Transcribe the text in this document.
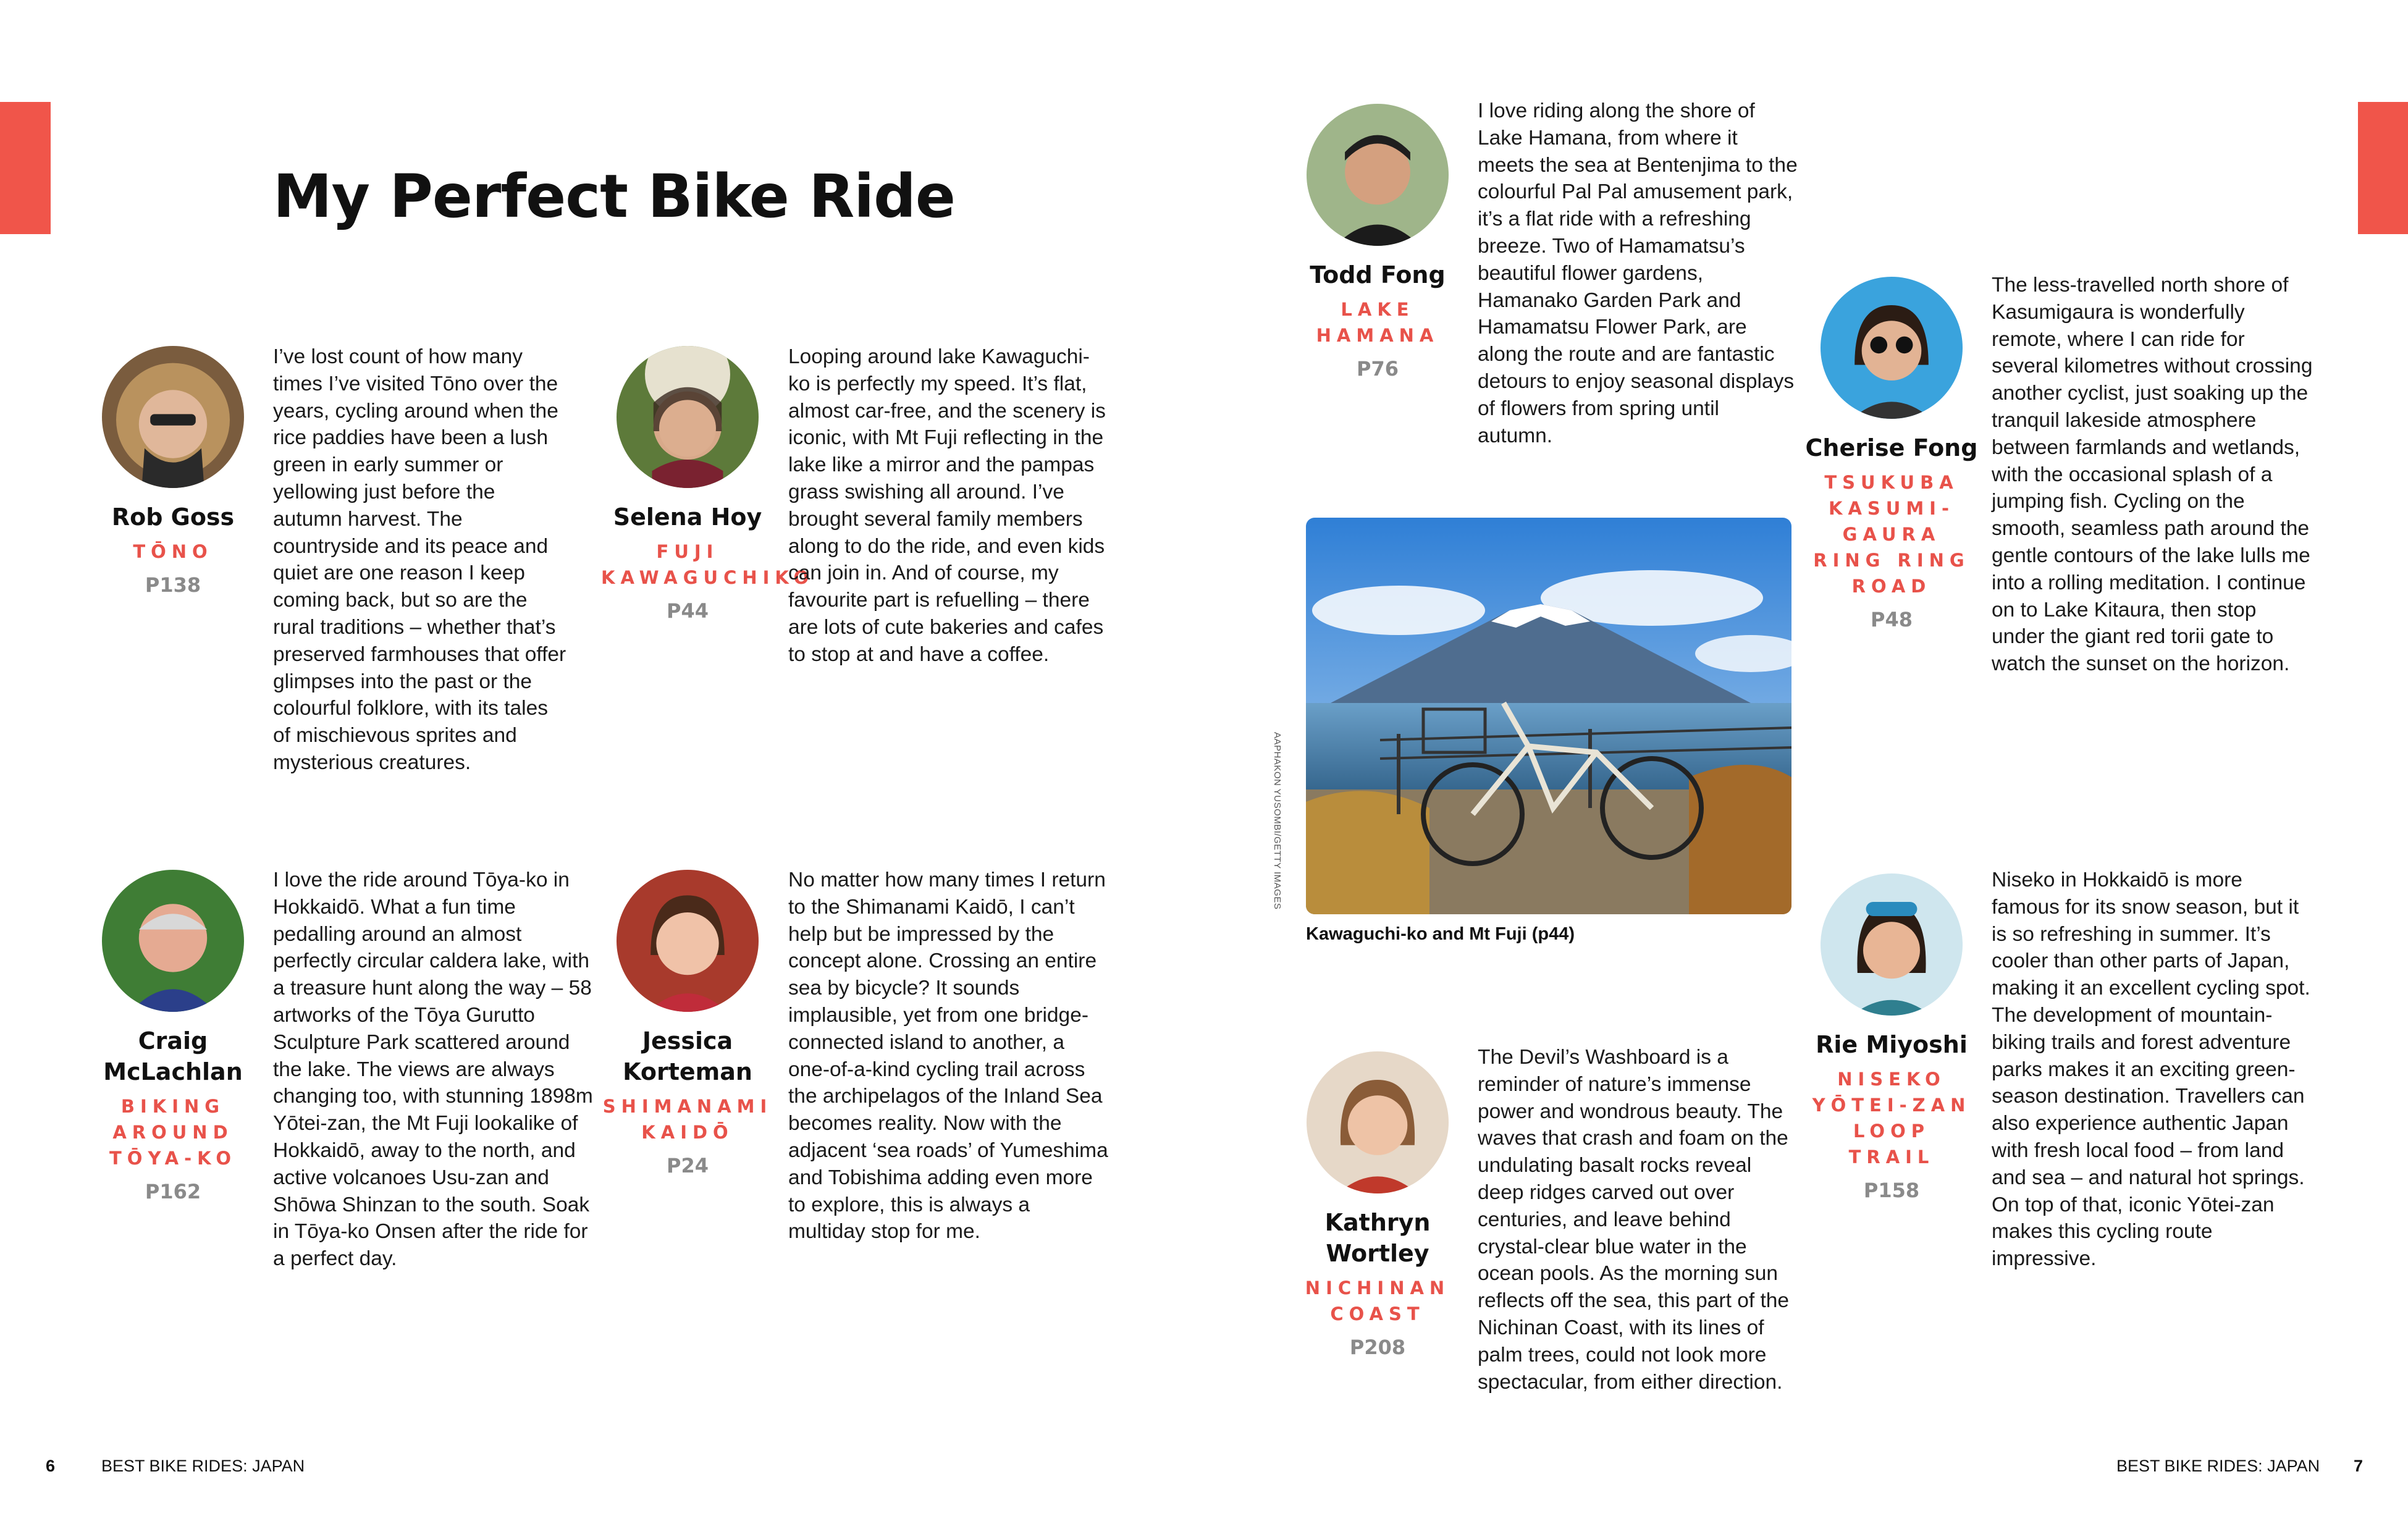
My Perfect Bike Ride
Rob Goss
TŌNO
P138

I’ve lost count of how many times I’ve visited Tōno over the years, cycling around when the rice paddies have been a lush green in early summer or yellowing just before the autumn harvest. The countryside and its peace and quiet are one reason I keep coming back, but so are the rural traditions – whether that’s preserved farmhouses that offer glimpses into the past or the colourful folklore, with its tales of mischievous sprites and mysterious creatures.

Selena Hoy
FUJI KAWAGUCHIKO
P44

Looping around lake Kawaguchi-ko is perfectly my speed. It’s flat, almost car-free, and the scenery is iconic, with Mt Fuji reflecting in the lake like a mirror and the pampas grass swishing all around. I’ve brought several family members along to do the ride, and even kids can join in. And of course, my favourite part is refuelling – there are lots of cute bakeries and cafes to stop at and have a coffee.

Craig McLachlan
BIKING AROUND TŌYA-KO
P162

I love the ride around Tōya-ko in Hokkaidō. What a fun time pedalling around an almost perfectly circular caldera lake, with a treasure hunt along the way – 58 artworks of the Tōya Gurutto Sculpture Park scattered around the lake. The views are always changing too, with stunning 1898m Yōtei-zan, the Mt Fuji lookalike of Hokkaidō, away to the north, and active volcanoes Usu-zan and Shōwa Shinzan to the south. Soak in Tōya-ko Onsen after the ride for a perfect day.

Jessica Korteman
SHIMANAMI KAIDŌ
P24

No matter how many times I return to the Shimanami Kaidō, I can’t help but be impressed by the concept alone. Crossing an entire sea by bicycle? It sounds implausible, yet from one bridge-connected island to another, a one-of-a-kind cycling trail across the archipelagos of the Inland Sea becomes reality. Now with the adjacent ‘sea roads’ of Yumeshima and Tobishima adding even more to explore, this is always a multiday stop for me.

Todd Fong
LAKE HAMANA
P76

I love riding along the shore of Lake Hamana, from where it meets the sea at Bentenjima to the colourful Pal Pal amusement park, it’s a flat ride with a refreshing breeze. Two of Hamamatsu’s beautiful flower gardens, Hamanako Garden Park and Hamamatsu Flower Park, are along the route and are fantastic detours to enjoy seasonal displays of flowers from spring until autumn.	Cherise Fong
TSUKUBA KASUMI-GAURA RING RING ROAD
P48

The less-travelled north shore of Kasumigaura is wonderfully remote, where I can ride for several kilometres without crossing another cyclist, just soaking up the tranquil lakeside atmosphere between farmlands and wetlands, with the occasional splash of a jumping fish. Cycling on the smooth, seamless path around the gentle contours of the lake lulls me into a rolling meditation. I continue on to Lake Kitaura, then stop under the giant red torii gate to watch the sunset on the horizon.

AAPHAKON YUSOMBI/GETTY IMAGES
Kawaguchi-ko and Mt Fuji (p44)
Kathryn Wortley
NICHINAN COAST
P208

The Devil’s Washboard is a reminder of nature’s immense power and wondrous beauty. The waves that crash and foam on the undulating basalt rocks reveal deep ridges carved out over centuries, and leave behind crystal-clear blue water in the ocean pools. As the morning sun reflects off the sea, this part of the Nichinan Coast, with its lines of palm trees, could not look more spectacular, from either direction.

Rie Miyoshi
NISEKO YŌTEI-ZAN LOOP TRAIL
P158

Niseko in Hokkaidō is more famous for its snow season, but it is so refreshing in summer. It’s cooler than other parts of Japan, making it an excellent cycling spot. The development of mountain-biking trails and forest adventure parks makes it an exciting green-season destination. Travellers can also experience authentic Japan with fresh local food – from land and sea – and natural hot springs. On top of that, iconic Yōtei-zan makes this cycling route impressive.

6	BEST BIKE RIDES: JAPAN	BEST BIKE RIDES: JAPAN 7
